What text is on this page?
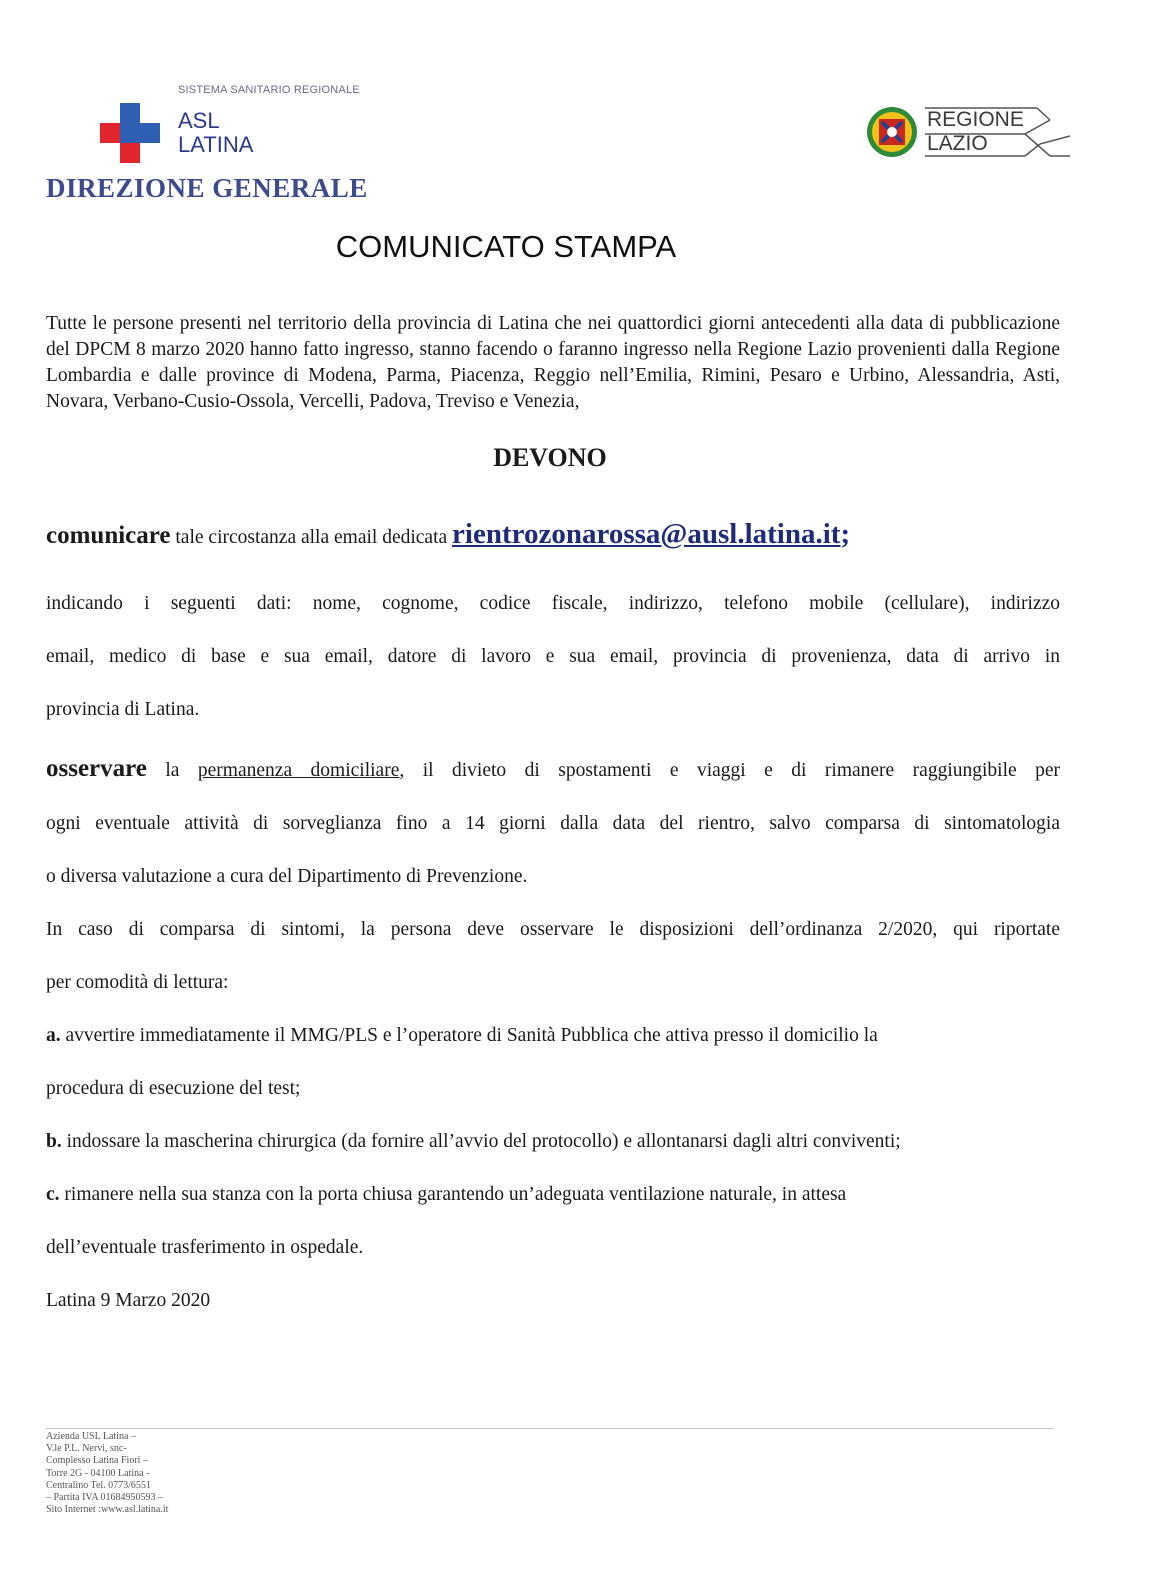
SISTEMA SANITARIO REGIONALE
ASL
LATINA
DIREZIONE GENERALE
REGIONE
LAZIO
COMUNICATO STAMPA
Tutte le persone presenti nel territorio della provincia di Latina che nei quattordici giorni antecedenti alla data di pubblicazione del DPCM 8 marzo 2020 hanno fatto ingresso, stanno facendo o faranno ingresso nella Regione Lazio provenienti dalla Regione Lombardia e dalle province di Modena, Parma, Piacenza, Reggio nell’Emilia, Rimini, Pesaro e Urbino, Alessandria, Asti, Novara, Verbano-Cusio-Ossola, Vercelli, Padova, Treviso e Venezia,
DEVONO
comunicare tale circostanza alla email dedicata rientrozonarossa@ausl.latina.it;
indicando i seguenti dati: nome, cognome, codice fiscale, indirizzo, telefono mobile (cellulare), indirizzo
email, medico di base e sua email, datore di lavoro e sua email, provincia di provenienza, data di arrivo in
provincia di Latina.
osservare la permanenza domiciliare, il divieto di spostamenti e viaggi e di rimanere raggiungibile per
ogni eventuale attività di sorveglianza fino a 14 giorni dalla data del rientro, salvo comparsa di sintomatologia
o diversa valutazione a cura del Dipartimento di Prevenzione.
In caso di comparsa di sintomi, la persona deve osservare le disposizioni dell’ordinanza 2/2020, qui riportate
per comodità di lettura:
a. avvertire immediatamente il MMG/PLS e l’operatore di Sanità Pubblica che attiva presso il domicilio la
procedura di esecuzione del test;
b. indossare la mascherina chirurgica (da fornire all’avvio del protocollo) e allontanarsi dagli altri conviventi;
c. rimanere nella sua stanza con la porta chiusa garantendo un’adeguata ventilazione naturale, in attesa
dell’eventuale trasferimento in ospedale.
Latina 9 Marzo 2020
Azienda USL Latina –
V.le P.L. Nervi, snc-
Complesso Latina Fiori –
Torre 2G - 04100 Latina -
Centralino Tel. 0773/6551
– Partita IVA 01684950593 –
Sito Internet :www.asl.latina.it
